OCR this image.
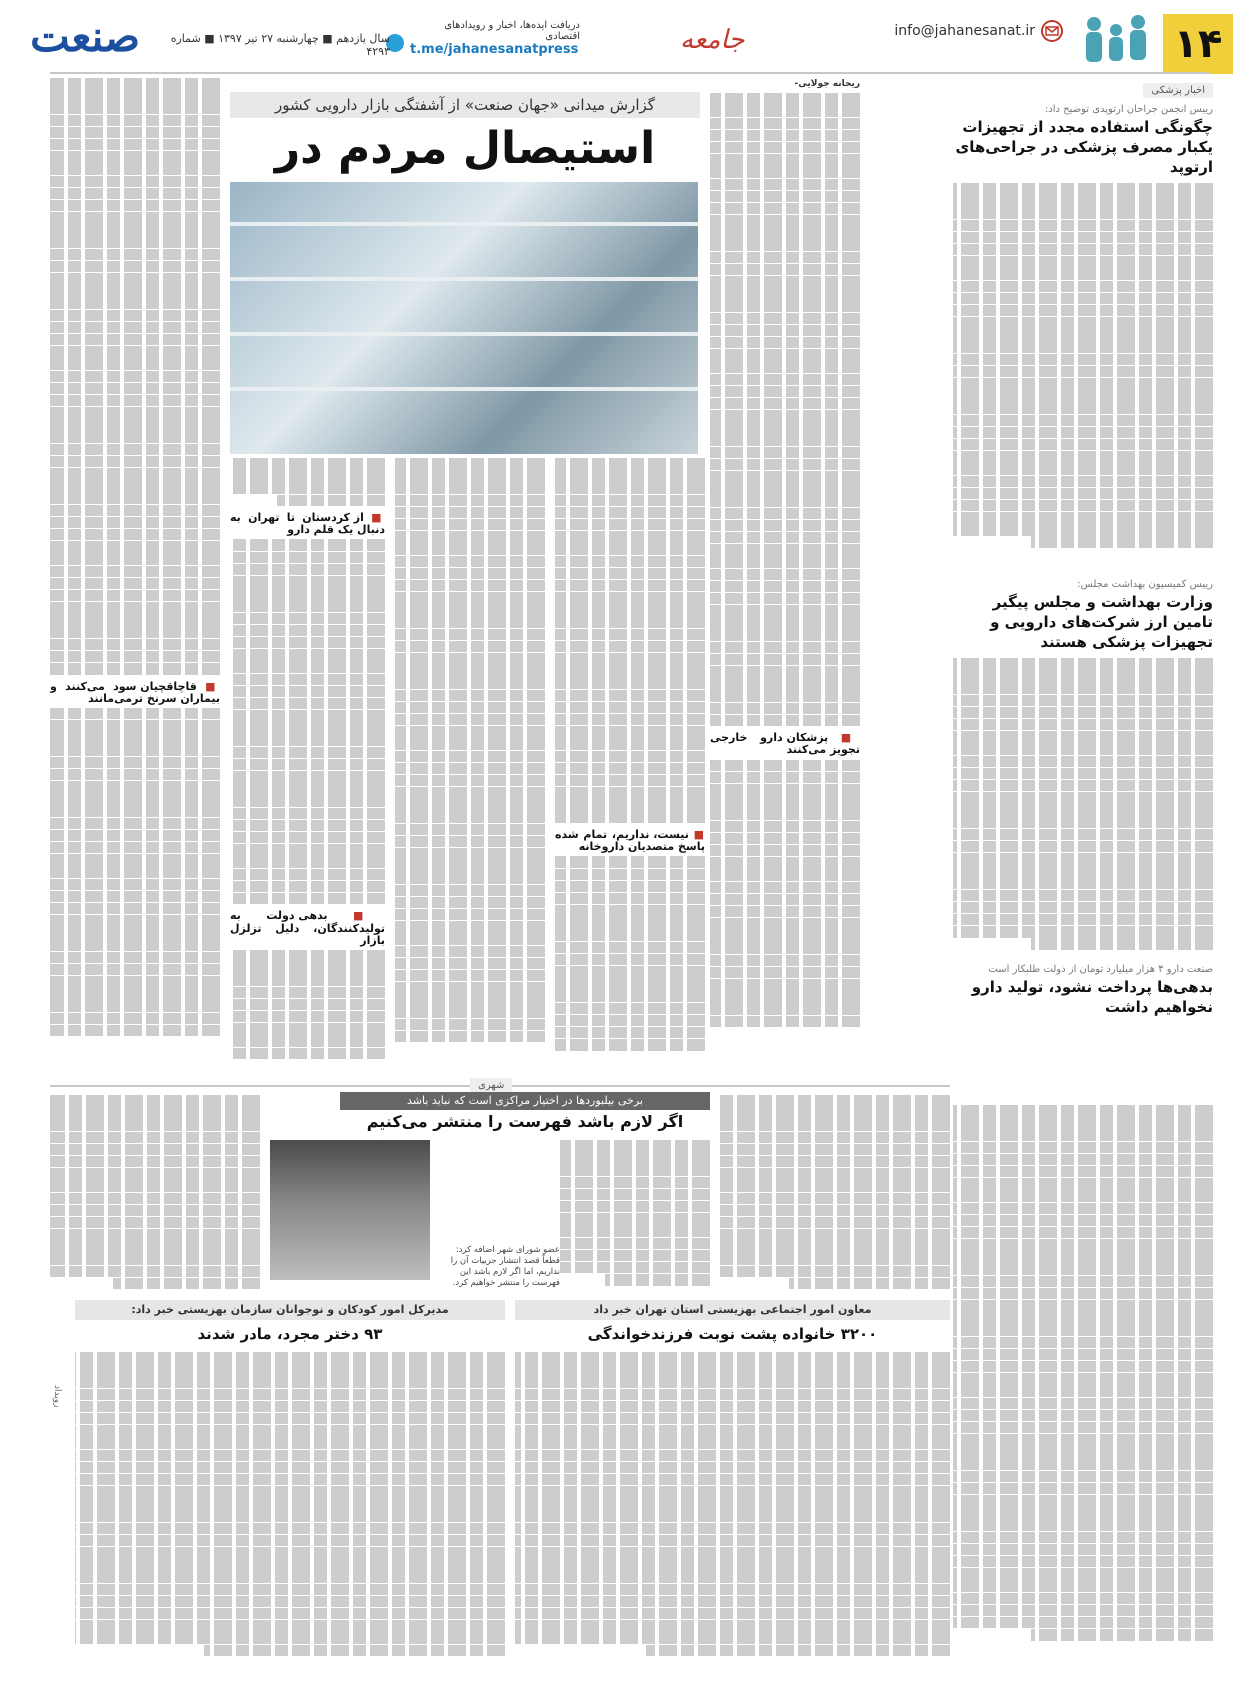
۱۴
info@jahanesanat.ir
جامعه
دریافت ایده‌ها، اخبار و رویدادهای اقتصادی
t.me/jahanesanatpress
سال یازدهم ■ چهارشنبه ۲۷ تیر ۱۳۹۷ ■ شماره ۴۲۹۳
صنعت
اخبار پزشکی
رییس انجمن جراحان ارتوپدی توضیح داد:
چگونگی استفاده مجدد از تجهیزات یکبار مصرف پزشکی در جراحی‌های ارتوپد
رییس کمیسیون بهداشت مجلس:
وزارت بهداشت و مجلس پیگیر تامین ارز شرکت‌های دارویی و تجهیزات پزشکی هستند
صنعت دارو ۴ هزار میلیارد تومان از دولت طلبکار است
بدهی‌ها پرداخت نشود، تولید دارو نخواهیم داشت
گزارش میدانی «جهان صنعت» از آشفتگی بازار دارویی کشور
استیصال مردم در

ریحانه جولایی-

■ پزشکان دارو خارجی تجویز می‌کنند
■ نیست، نداریم، تمام شده پاسخ متصدیان داروخانه
■ از کردستان تا تهران به دنبال یک قلم دارو
■ بدهی دولت به تولیدکنندگان، دلیل تزلزل بازار
■ قاچاقچیان سود می‌کنند و بیماران سرنخ ترمی‌مانند
شهری
برخی بیلبوردها در اختیار مراکزی است که نباید باشد
اگر لازم باشد فهرست را منتشر می‌کنیم
عضو شورای شهر اضافه کرد: قطعاً قصد انتشار جزییات آن را نداریم، اما اگر لازم باشد این فهرست را منتشر خواهیم کرد.
معاون امور اجتماعی بهزیستی استان تهران خبر داد
۳۲۰۰ خانواده پشت نوبت فرزندخواندگی
مدیرکل امور کودکان و نوجوانان سازمان بهزیستی خبر داد:
۹۳ دختر مجرد، مادر شدند
رویداد
